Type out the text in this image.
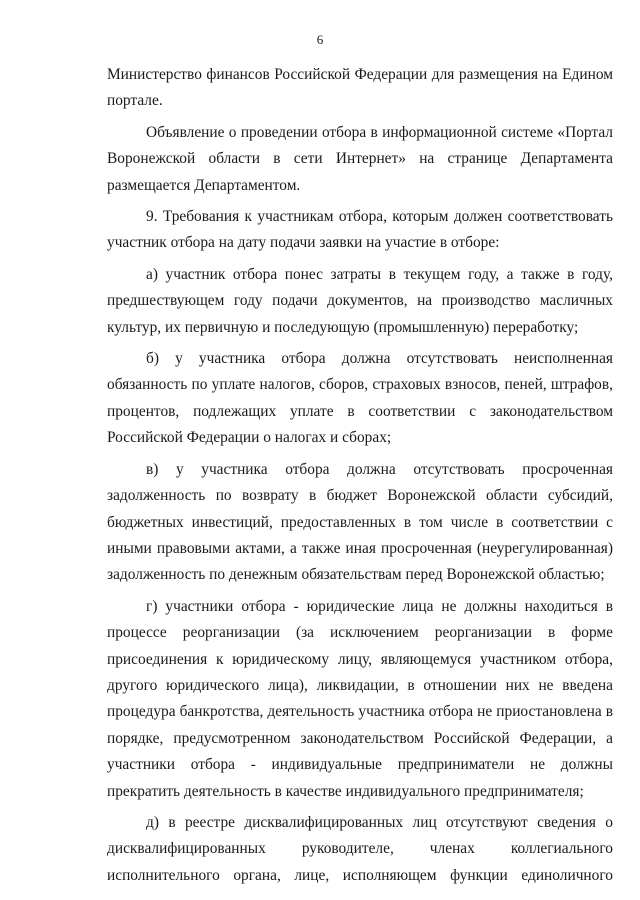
6

Министерство финансов Российской Федерации для размещения на Едином портале.

Объявление о проведении отбора в информационной системе «Портал Воронежской области в сети Интернет» на странице Департамента размещается Департаментом.

9. Требования к участникам отбора, которым должен соответствовать участник отбора на дату подачи заявки на участие в отборе:

а) участник отбора понес затраты в текущем году, а также в году, предшествующем году подачи документов, на производство масличных культур, их первичную и последующую (промышленную) переработку;

б) у участника отбора должна отсутствовать неисполненная обязанность по уплате налогов, сборов, страховых взносов, пеней, штрафов, процентов, подлежащих уплате в соответствии с законодательством Российской Федерации о налогах и сборах;

в) у участника отбора должна отсутствовать просроченная задолженность по возврату в бюджет Воронежской области субсидий, бюджетных инвестиций, предоставленных в том числе в соответствии с иными правовыми актами, а также иная просроченная (неурегулированная) задолженность по денежным обязательствам перед Воронежской областью;

г) участники отбора - юридические лица не должны находиться в процессе реорганизации (за исключением реорганизации в форме присоединения к юридическому лицу, являющемуся участником отбора, другого юридического лица), ликвидации, в отношении них не введена процедура банкротства, деятельность участника отбора не приостановлена в порядке, предусмотренном законодательством Российской Федерации, а участники отбора - индивидуальные предприниматели не должны прекратить деятельность в качестве индивидуального предпринимателя;

д) в реестре дисквалифицированных лиц отсутствуют сведения о дисквалифицированных руководителе, членах коллегиального исполнительного органа, лице, исполняющем функции единоличного
